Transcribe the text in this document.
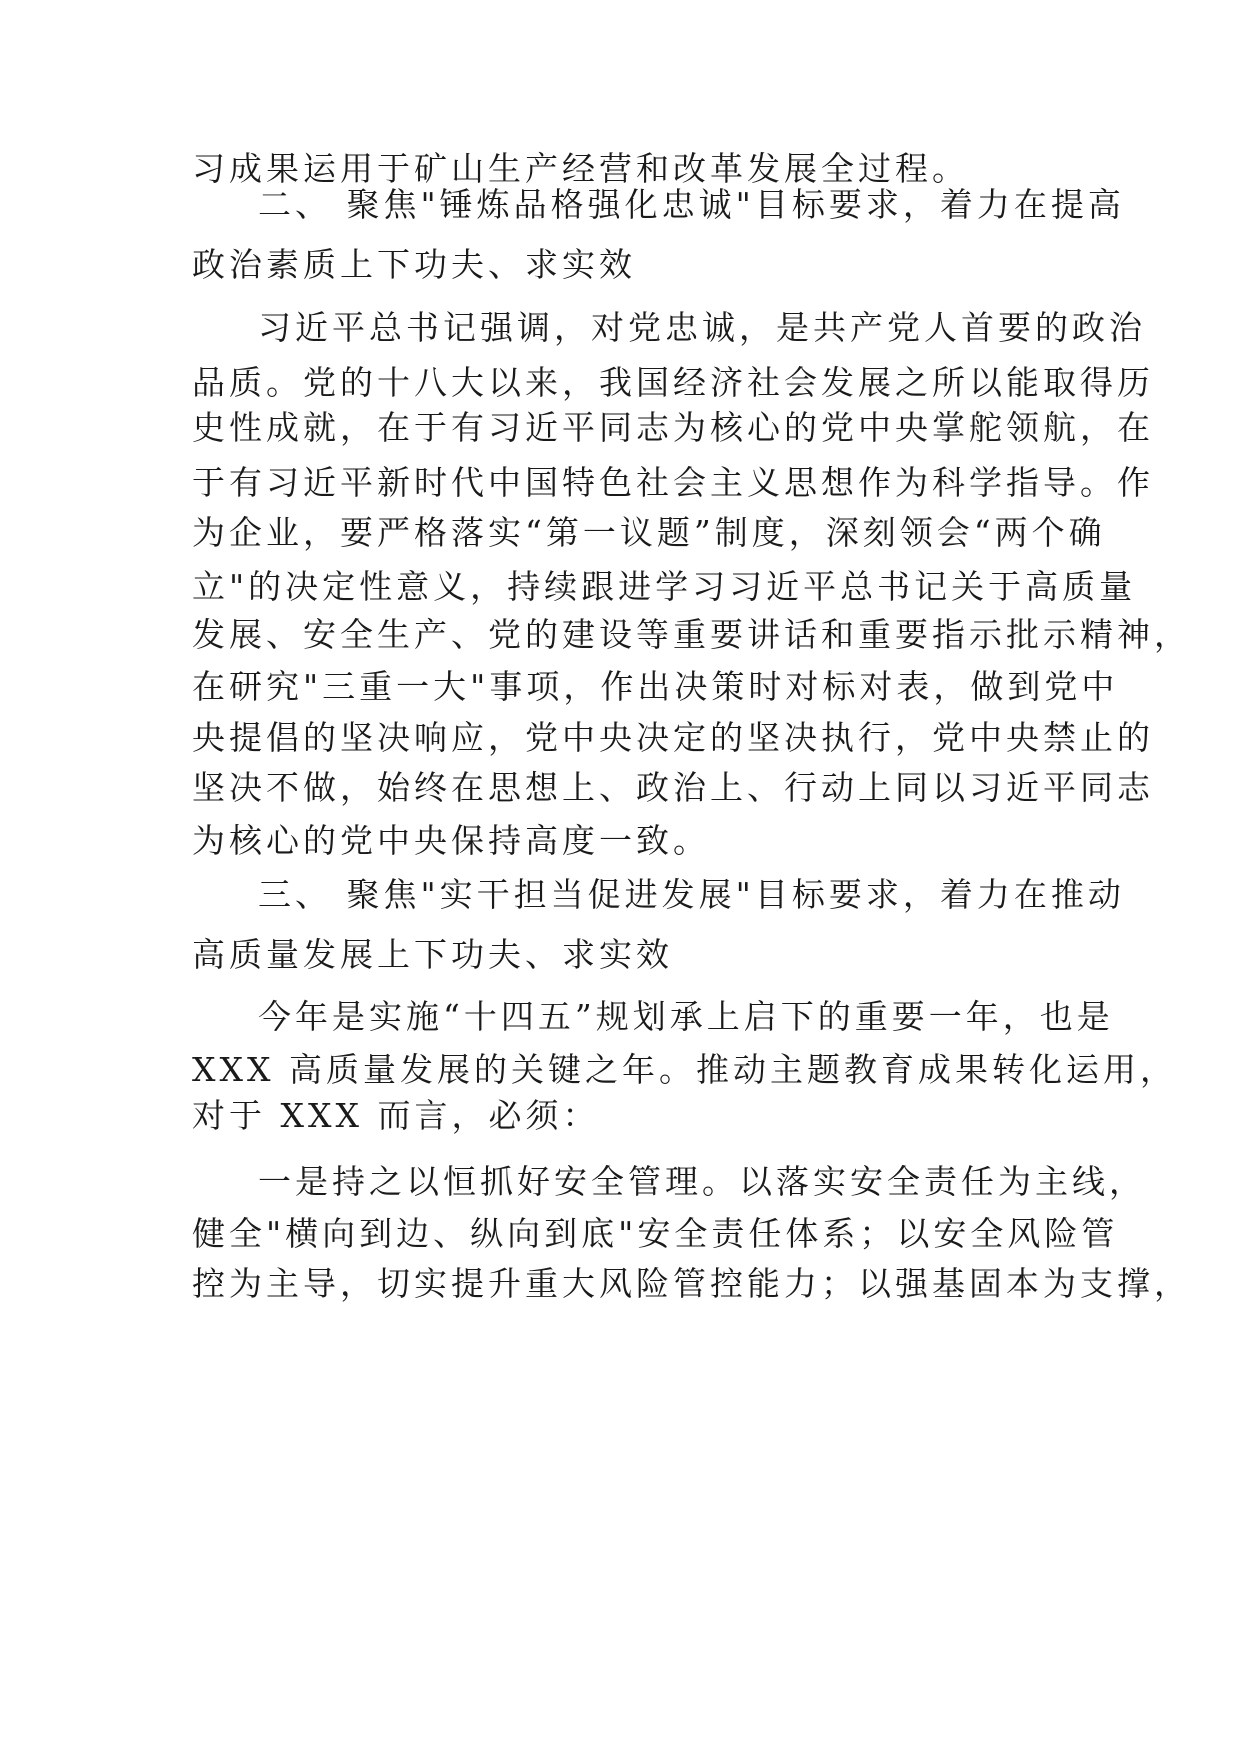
习成果运用于矿山生产经营和改革发展全过程。
二、 聚焦"锤炼品格强化忠诚"目标要求，着力在提高
政治素质上下功夫、求实效
习近平总书记强调，对党忠诚，是共产党人首要的政治
品质。党的十八大以来，我国经济社会发展之所以能取得历
史性成就，在于有习近平同志为核心的党中央掌舵领航，在
于有习近平新时代中国特色社会主义思想作为科学指导。作
为企业，要严格落实“第一议题”制度，深刻领会“两个确
立"的决定性意义，持续跟进学习习近平总书记关于高质量
发展、安全生产、党的建设等重要讲话和重要指示批示精神，
在研究"三重一大"事项，作出决策时对标对表，做到党中
央提倡的坚决响应，党中央决定的坚决执行，党中央禁止的
坚决不做，始终在思想上、政治上、行动上同以习近平同志
为核心的党中央保持高度一致。
三、 聚焦"实干担当促进发展"目标要求，着力在推动
高质量发展上下功夫、求实效
今年是实施“十四五”规划承上启下的重要一年，也是
XXX 高质量发展的关键之年。推动主题教育成果转化运用，
对于 XXX 而言，必须：
一是持之以恒抓好安全管理。以落实安全责任为主线，
健全"横向到边、纵向到底"安全责任体系；以安全风险管
控为主导，切实提升重大风险管控能力；以强基固本为支撑，
